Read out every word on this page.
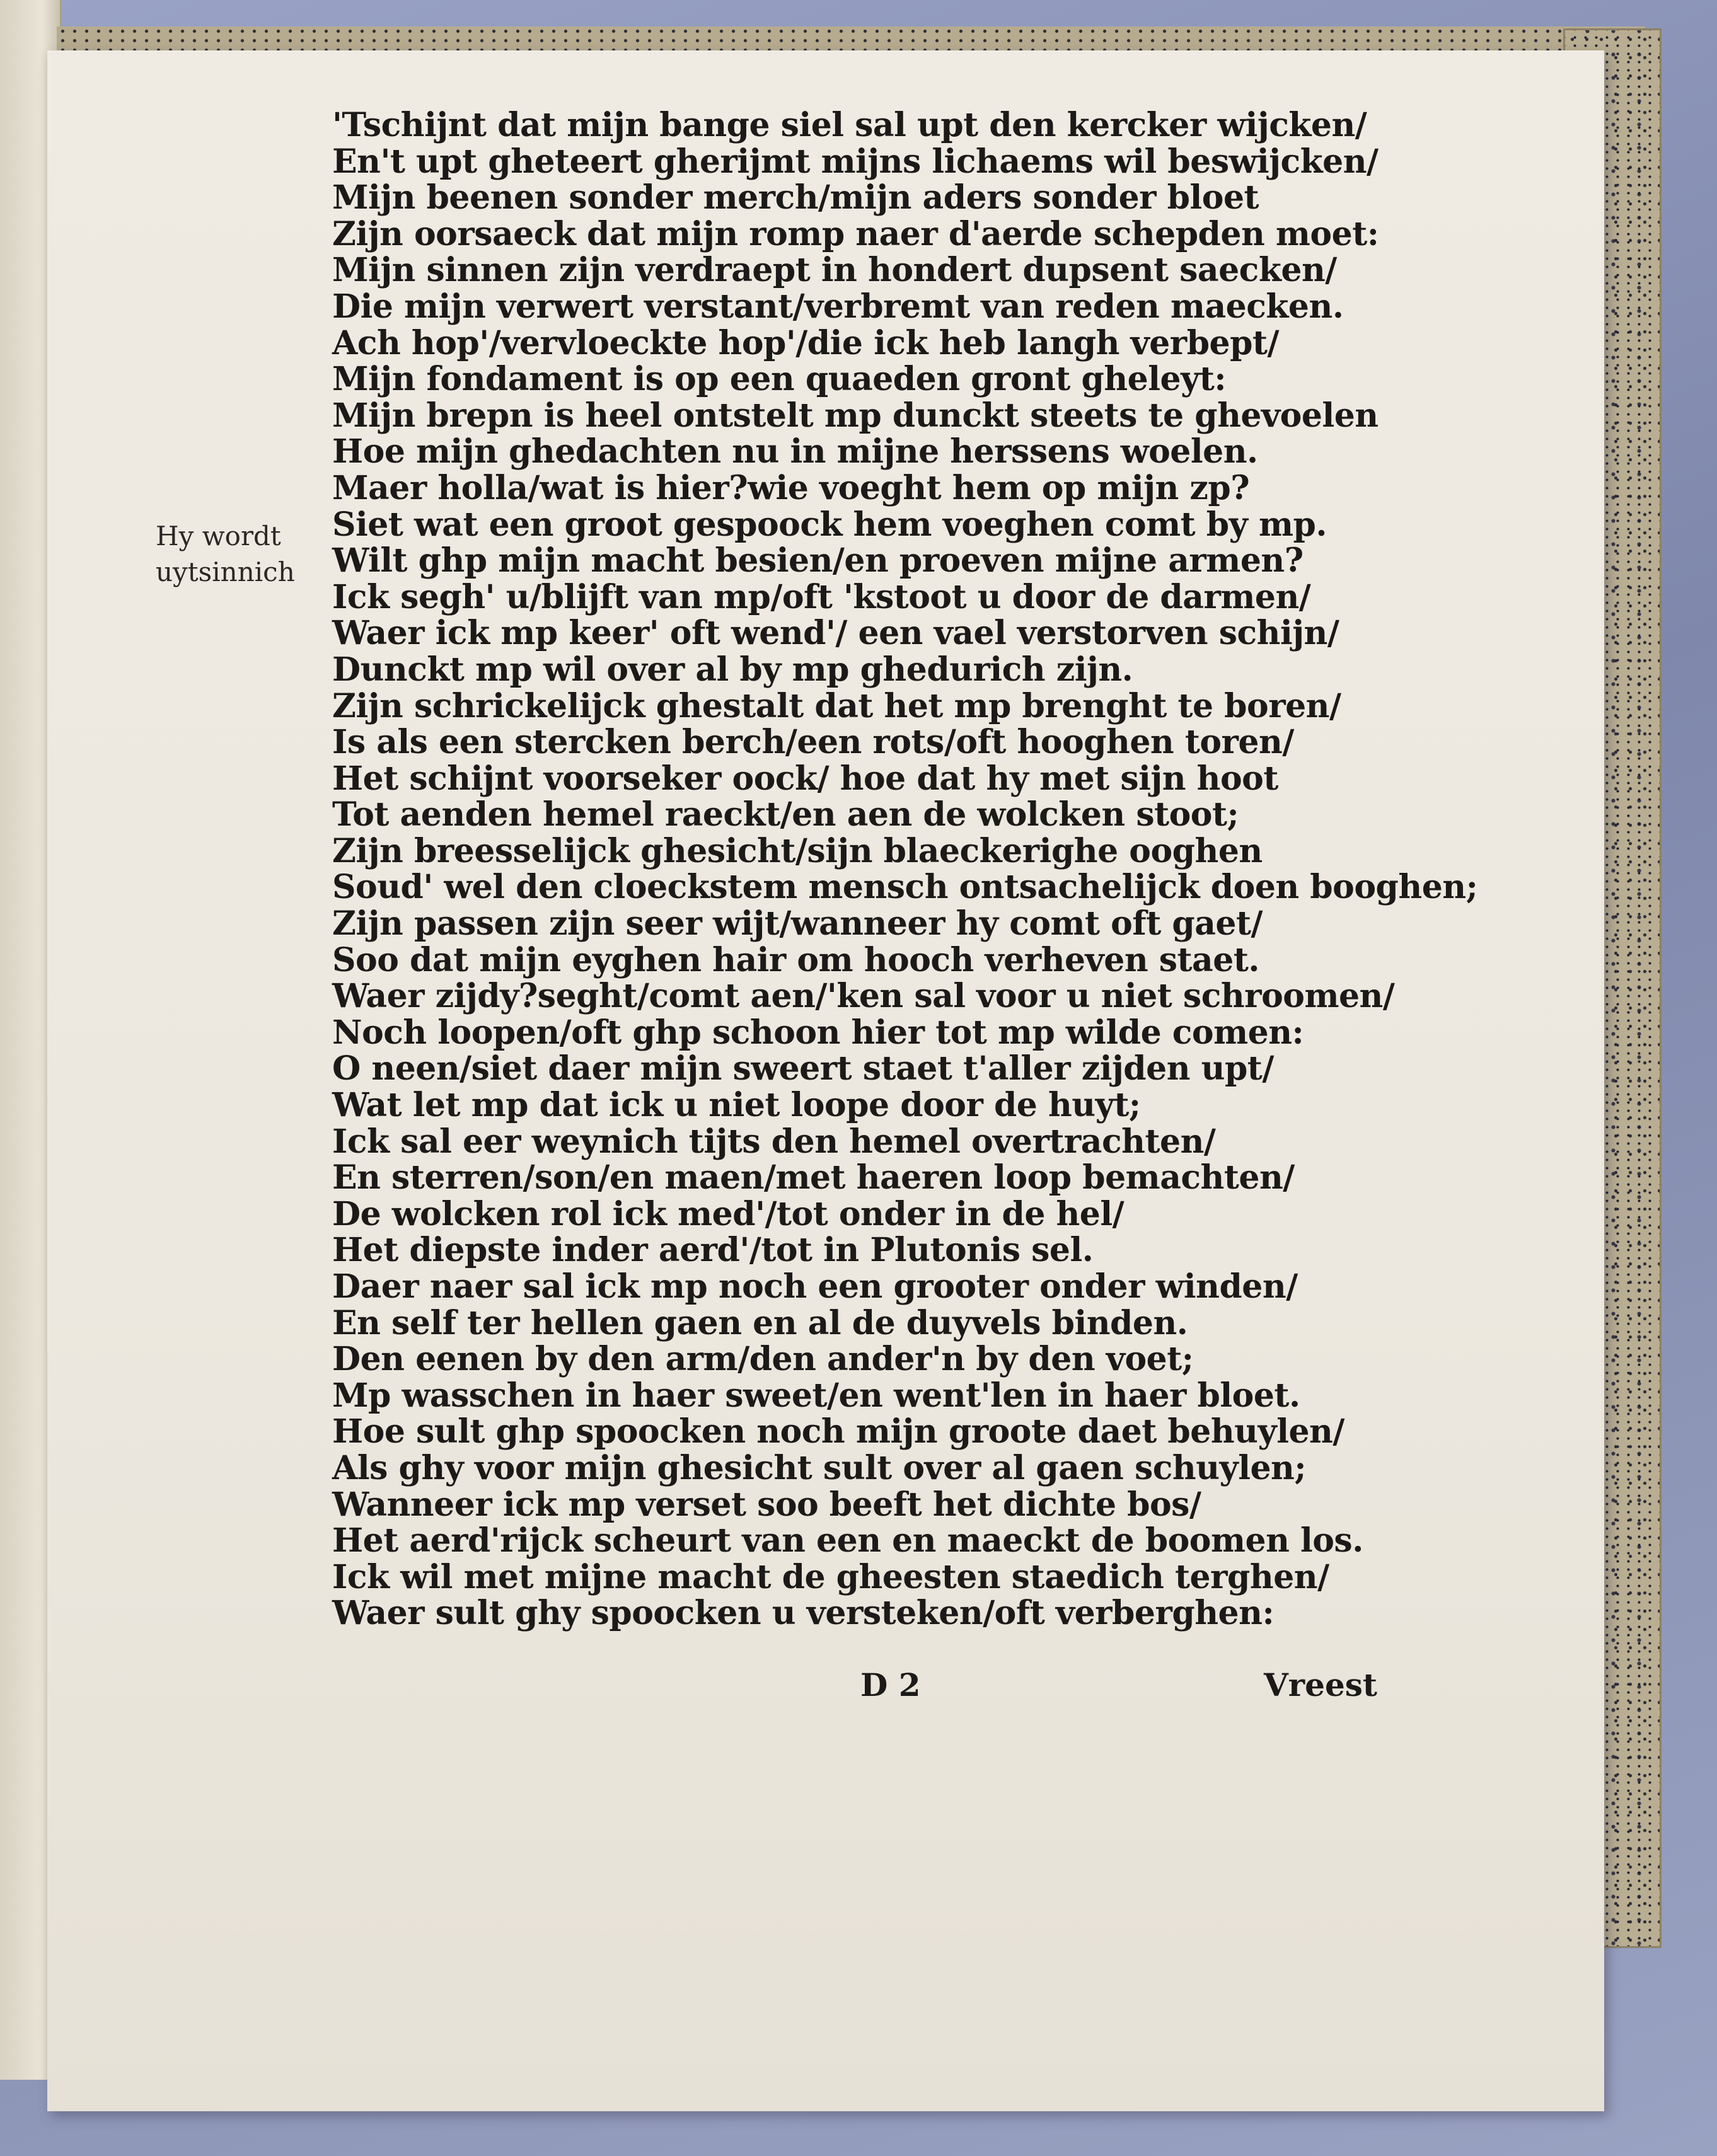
Hy wordt
uytsinnich
'Tschijnt dat mijn bange siel sal upt den kercker wijcken/
En't upt gheteert gherijmt mijns lichaems wil beswijcken/
Mijn beenen sonder merch/mijn aders sonder bloet
Zijn oorsaeck dat mijn romp naer d'aerde schepden moet:
Mijn sinnen zijn verdraept in hondert dupsent saecken/
Die mijn verwert verstant/verbremt van reden maecken.
Ach hop'/vervloeckte hop'/die ick heb langh verbept/
Mijn fondament is op een quaeden gront gheleyt:
Mijn brepn is heel ontstelt mp dunckt steets te ghevoelen
Hoe mijn ghedachten nu in mijne herssens woelen.
Maer holla/wat is hier?wie voeght hem op mijn zp?
Siet wat een groot gespoock hem voeghen comt by mp.
Wilt ghp mijn macht besien/en proeven mijne armen?
Ick segh' u/blijft van mp/oft 'kstoot u door de darmen/
Waer ick mp keer' oft wend'/ een vael verstorven schijn/
Dunckt mp wil over al by mp ghedurich zijn.
Zijn schrickelijck ghestalt dat het mp brenght te boren/
Is als een stercken berch/een rots/oft hooghen toren/
Het schijnt voorseker oock/ hoe dat hy met sijn hoot
Tot aenden hemel raeckt/en aen de wolcken stoot;
Zijn breesselijck ghesicht/sijn blaeckerighe ooghen
Soud' wel den cloeckstem mensch ontsachelijck doen booghen;
Zijn passen zijn seer wijt/wanneer hy comt oft gaet/
Soo dat mijn eyghen hair om hooch verheven staet.
Waer zijdy?seght/comt aen/'ken sal voor u niet schroomen/
Noch loopen/oft ghp schoon hier tot mp wilde comen:
O neen/siet daer mijn sweert staet t'aller zijden upt/
Wat let mp dat ick u niet loope door de huyt;
Ick sal eer weynich tijts den hemel overtrachten/
En sterren/son/en maen/met haeren loop bemachten/
De wolcken rol ick med'/tot onder in de hel/
Het diepste inder aerd'/tot in Plutonis sel.
Daer naer sal ick mp noch een grooter onder winden/
En self ter hellen gaen en al de duyvels binden.
Den eenen by den arm/den ander'n by den voet;
Mp wasschen in haer sweet/en went'len in haer bloet.
Hoe sult ghp spoocken noch mijn groote daet behuylen/
Als ghy voor mijn ghesicht sult over al gaen schuylen;
Wanneer ick mp verset soo beeft het dichte bos/
Het aerd'rijck scheurt van een en maeckt de boomen los.
Ick wil met mijne macht de gheesten staedich terghen/
Waer sult ghy spoocken u versteken/oft verberghen:
D 2	Vreest
